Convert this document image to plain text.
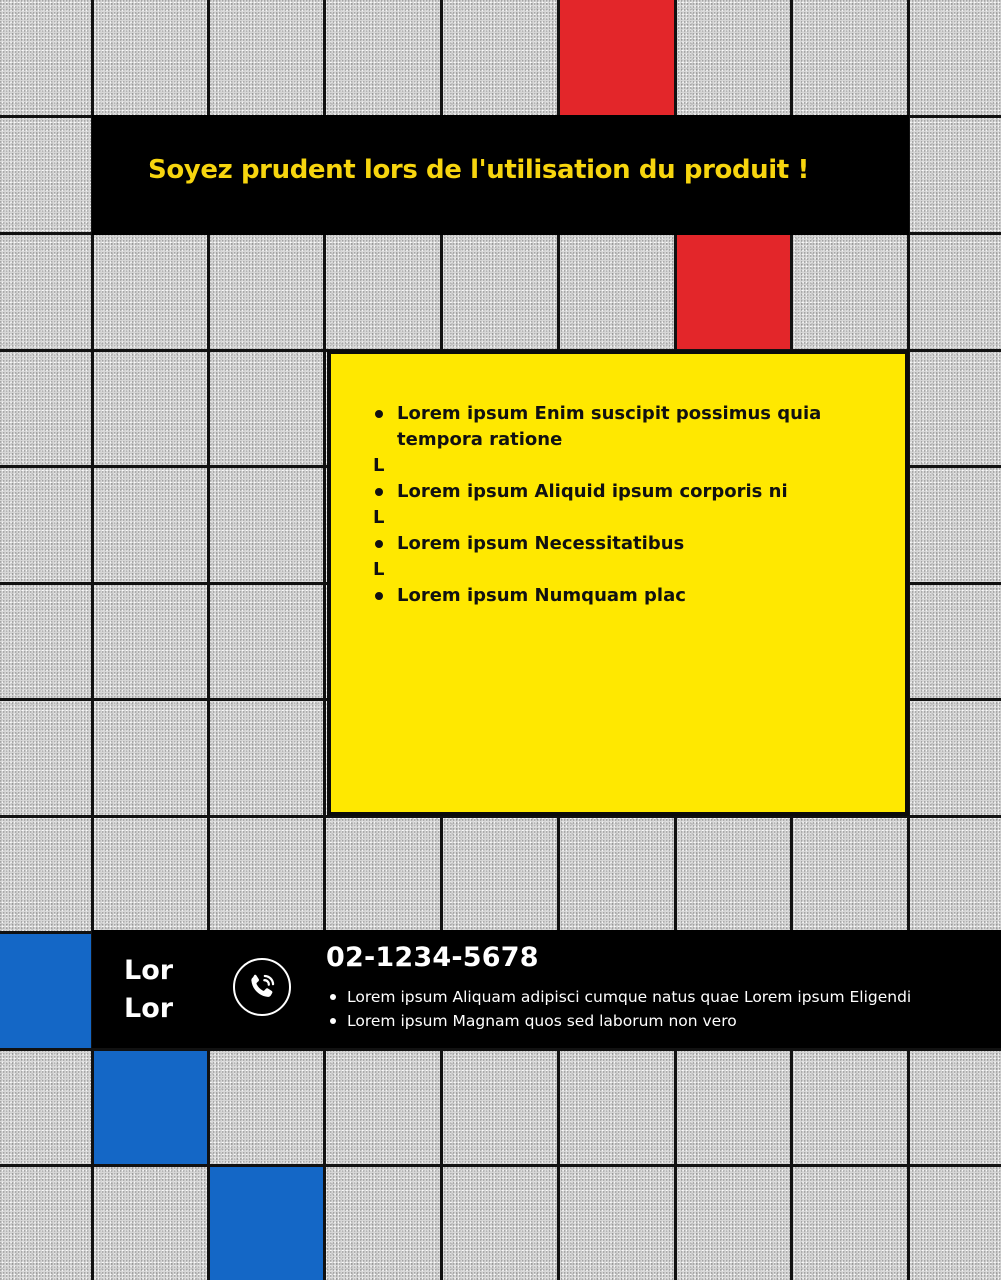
Soyez prudent lors de l'utilisation du produit !
Lorem ipsum Enim suscipit possimus quia tempora ratione
L
Lorem ipsum Aliquid ipsum corporis ni
L
Lorem ipsum Necessitatibus
L
Lorem ipsum Numquam plac
Lor
Lor
02-1234-5678
Lorem ipsum Aliquam adipisci cumque natus quae Lorem ipsum Eligendi
Lorem ipsum Magnam quos sed laborum non vero
